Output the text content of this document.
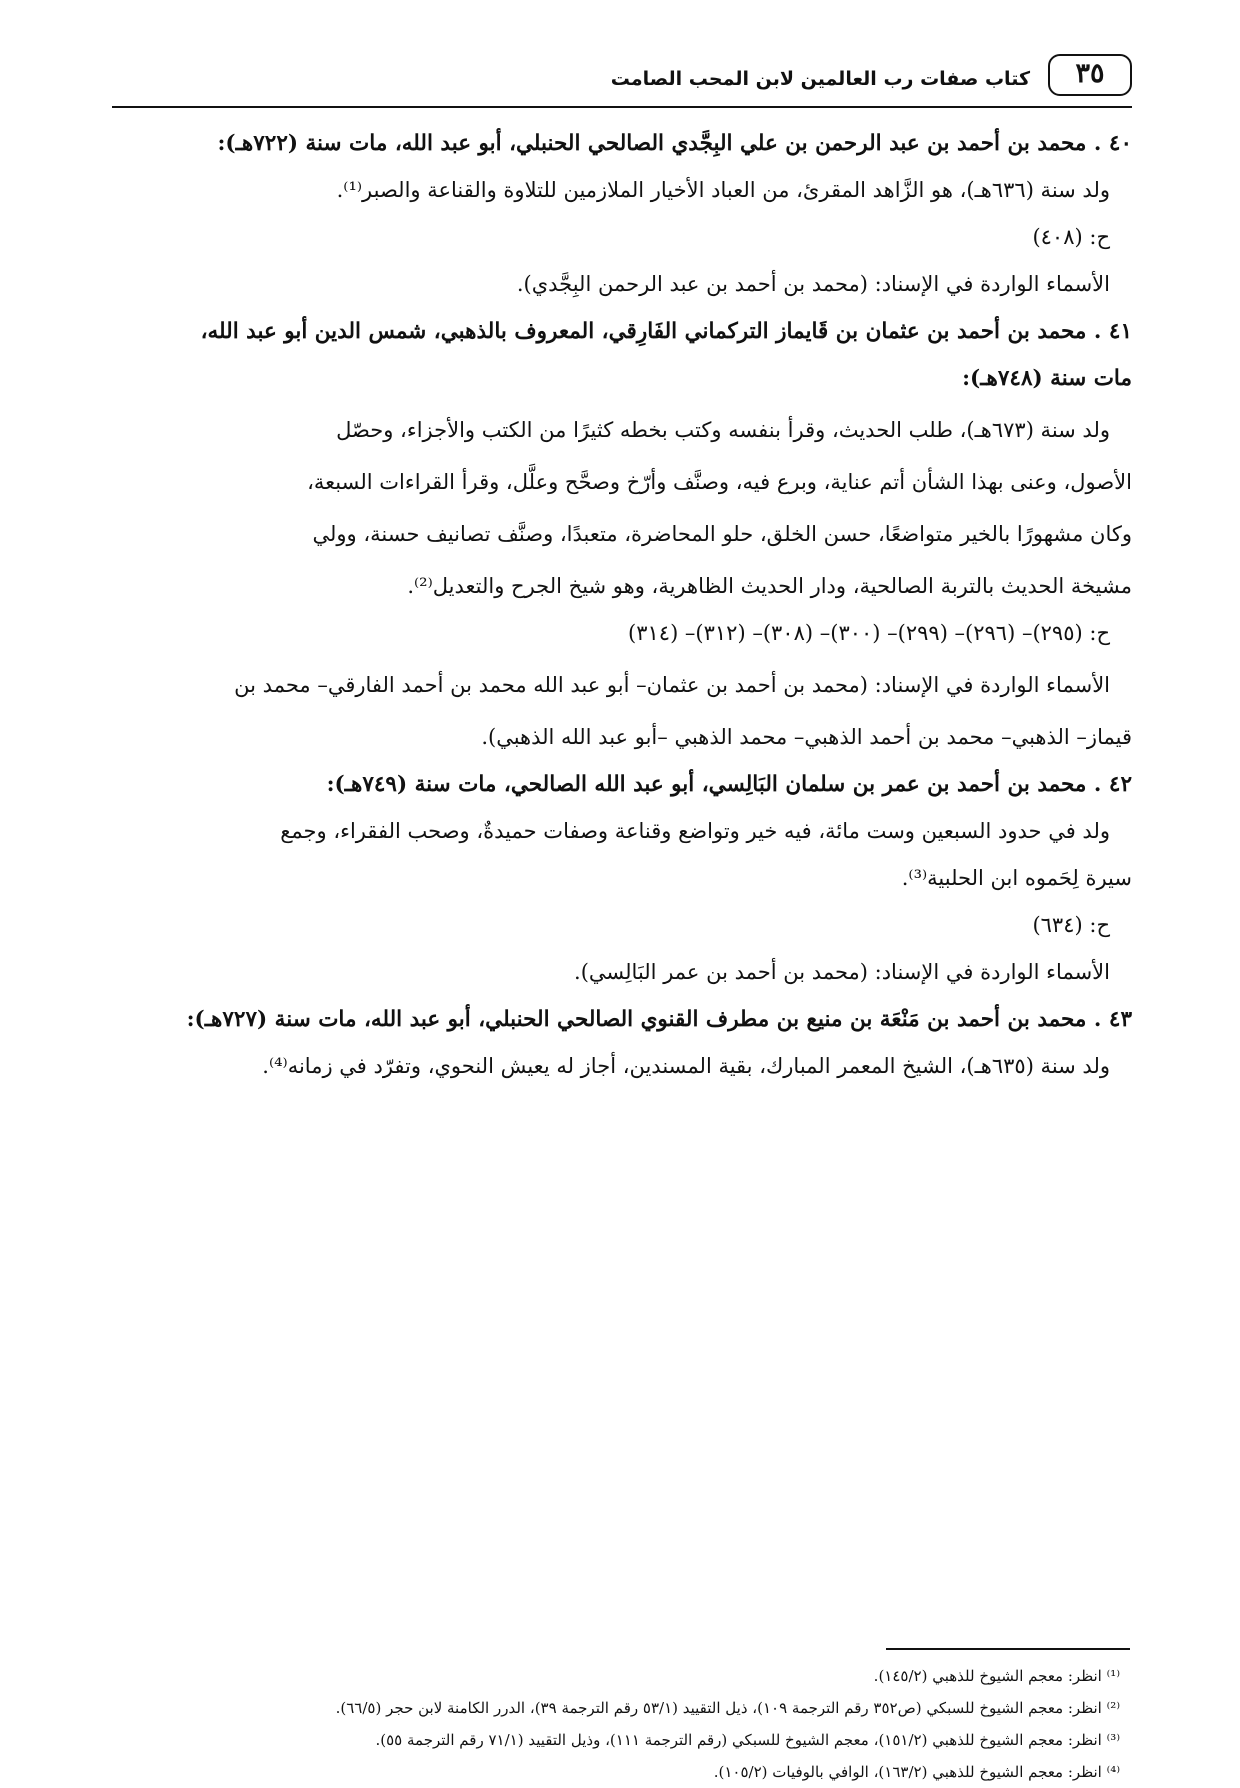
٣٥
كتاب صفات رب العالمين لابن المحب الصامت
٤٠ . محمد بن أحمد بن عبد الرحمن بن علي البِجَّدي الصالحي الحنبلي، أبو عبد الله، مات سنة (٧٢٢هـ):
ولد سنة (٦٣٦هـ)، هو الزَّاهد المقرئ، من العباد الأخيار الملازمين للتلاوة والقناعة والصبر⁽¹⁾.
ح: (٤٠٨)
الأسماء الواردة في الإسناد: (محمد بن أحمد بن عبد الرحمن البِجَّدي).
٤١ . محمد بن أحمد بن عثمان بن قَايماز التركماني الفَارِقي، المعروف بالذهبي، شمس الدين أبو عبد الله،
مات سنة (٧٤٨هـ):
ولد سنة (٦٧٣هـ)، طلب الحديث، وقرأ بنفسه وكتب بخطه كثيرًا من الكتب والأجزاء، وحصّل
الأصول، وعنى بهذا الشأن أتم عناية، وبرع فيه، وصنَّف وأرّخ وصحَّح وعلَّل، وقرأ القراءات السبعة،
وكان مشهورًا بالخير متواضعًا، حسن الخلق، حلو المحاضرة، متعبدًا، وصنَّف تصانيف حسنة، وولي
مشيخة الحديث بالتربة الصالحية، ودار الحديث الظاهرية، وهو شيخ الجرح والتعديل⁽²⁾.
ح: (٢٩٥)– (٢٩٦)– (٢٩٩)– (٣٠٠)– (٣٠٨)– (٣١٢)– (٣١٤)
الأسماء الواردة في الإسناد: (محمد بن أحمد بن عثمان– أبو عبد الله محمد بن أحمد الفارقي– محمد بن
قيماز– الذهبي– محمد بن أحمد الذهبي– محمد الذهبي –أبو عبد الله الذهبي).
٤٢ . محمد بن أحمد بن عمر بن سلمان البَالِسي، أبو عبد الله الصالحي، مات سنة (٧٤٩هـ):
ولد في حدود السبعين وست مائة، فيه خير وتواضع وقناعة وصفات حميدةٌ، وصحب الفقراء، وجمع
سيرة لِحَموه ابن الحلبية⁽³⁾.
ح: (٦٣٤)
الأسماء الواردة في الإسناد: (محمد بن أحمد بن عمر البَالِسي).
٤٣ . محمد بن أحمد بن مَنْعَة بن منيع بن مطرف القنوي الصالحي الحنبلي، أبو عبد الله، مات سنة (٧٢٧هـ):
ولد سنة (٦٣٥هـ)، الشيخ المعمر المبارك، بقية المسندين، أجاز له يعيش النحوي، وتفرّد في زمانه⁽⁴⁾.
⁽¹⁾ انظر: معجم الشيوخ للذهبي (١٤٥/٢).
⁽²⁾ انظر: معجم الشيوخ للسبكي (ص٣٥٢ رقم الترجمة ١٠٩)، ذيل التقييد (٥٣/١ رقم الترجمة ٣٩)، الدرر الكامنة لابن حجر (٦٦/٥).
⁽³⁾ انظر: معجم الشيوخ للذهبي (١٥١/٢)، معجم الشيوخ للسبكي (رقم الترجمة ١١١)، وذيل التقييد (٧١/١ رقم الترجمة ٥٥).
⁽⁴⁾ انظر: معجم الشيوخ للذهبي (١٦٣/٢)، الوافي بالوفيات (١٠٥/٢).
